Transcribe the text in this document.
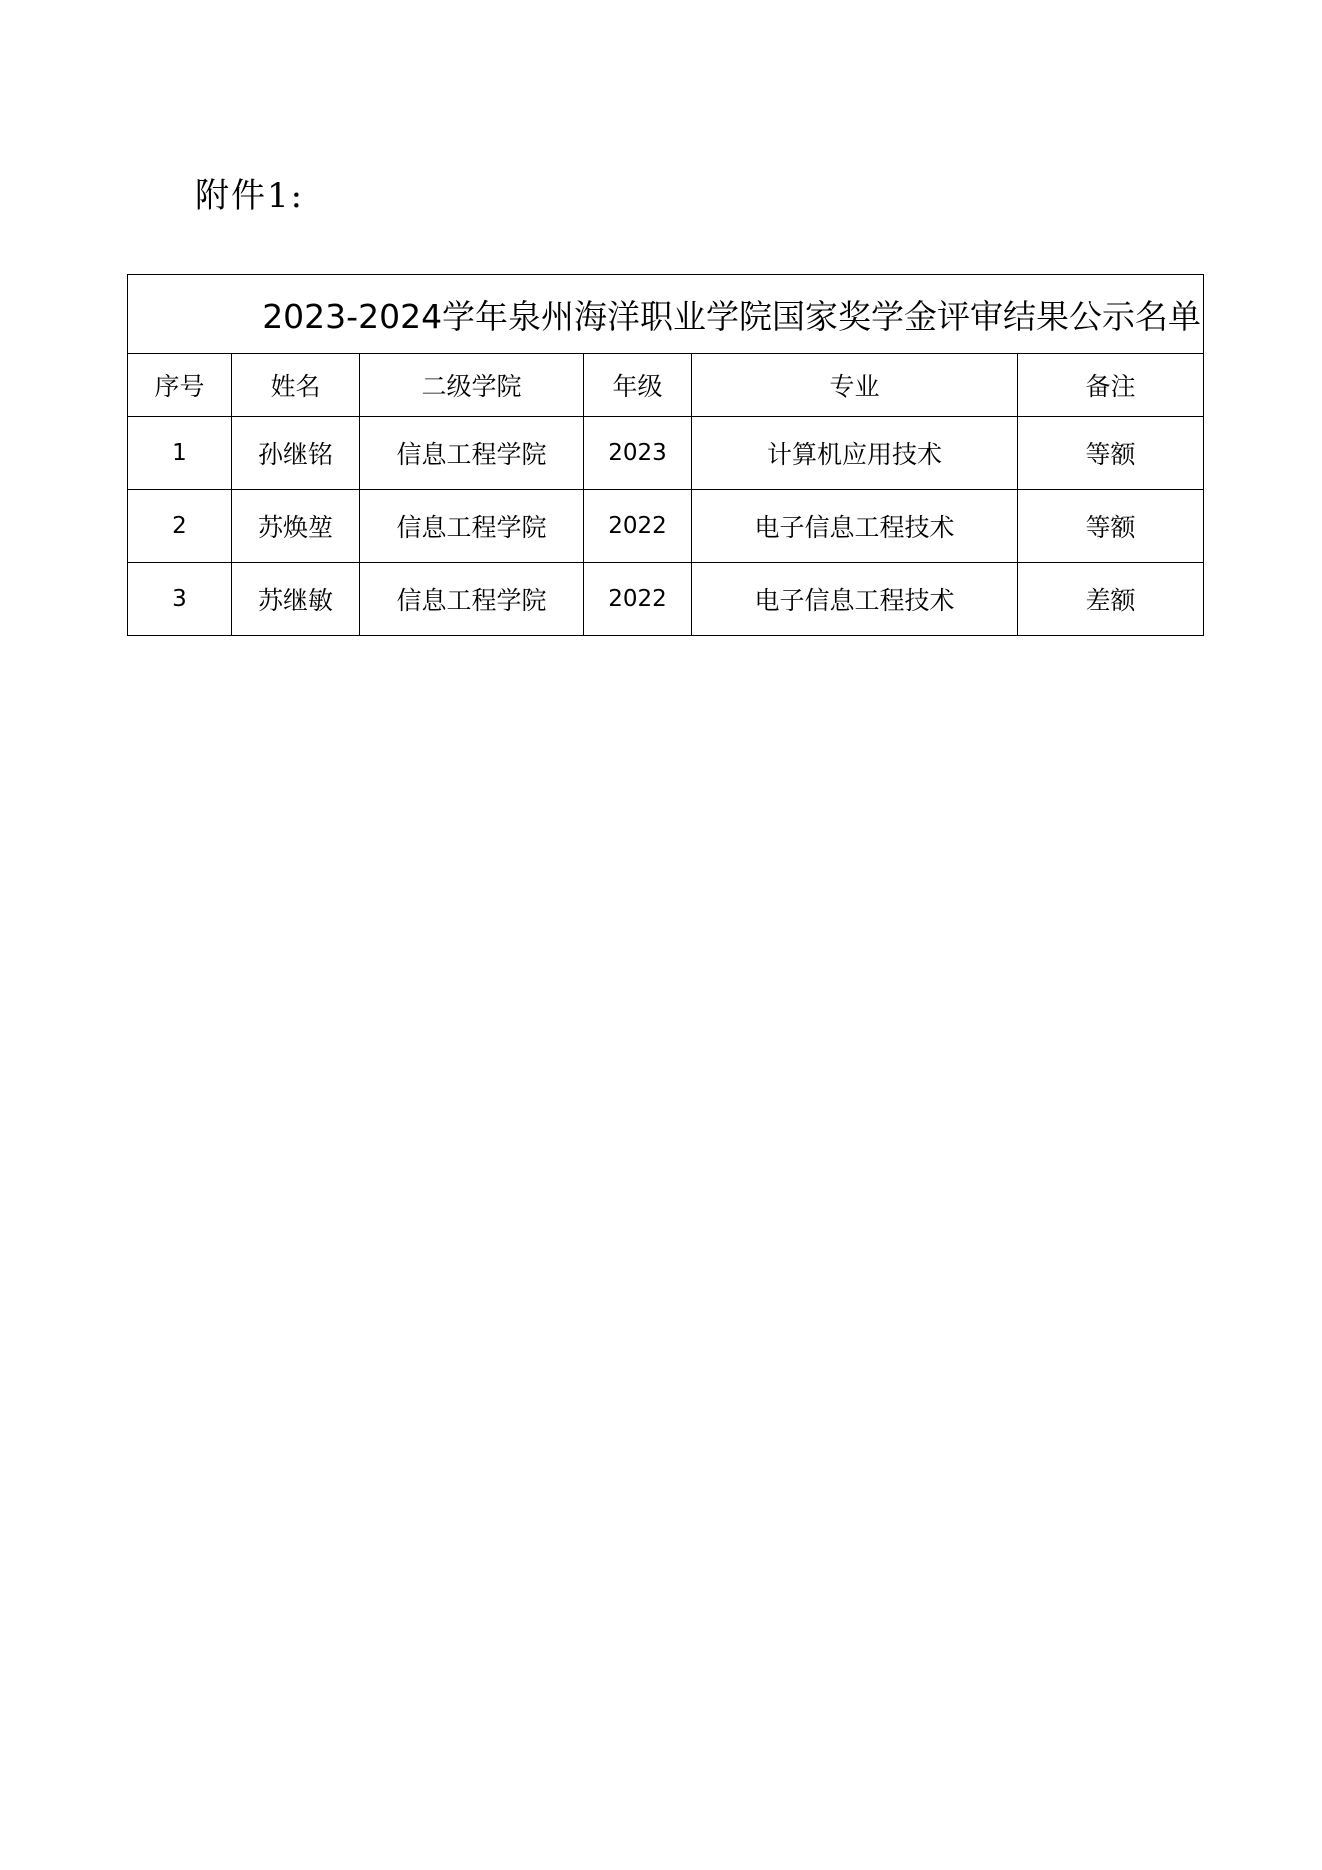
附件1:
2023-2024学年泉州海洋职业学院国家奖学金评审结果公示名单					
序号	姓名	二级学院	年级	专业	备注
1	孙继铭	信息工程学院	2023	计算机应用技术	等额
2	苏焕堃	信息工程学院	2022	电子信息工程技术	等额
3	苏继敏	信息工程学院	2022	电子信息工程技术	差额
